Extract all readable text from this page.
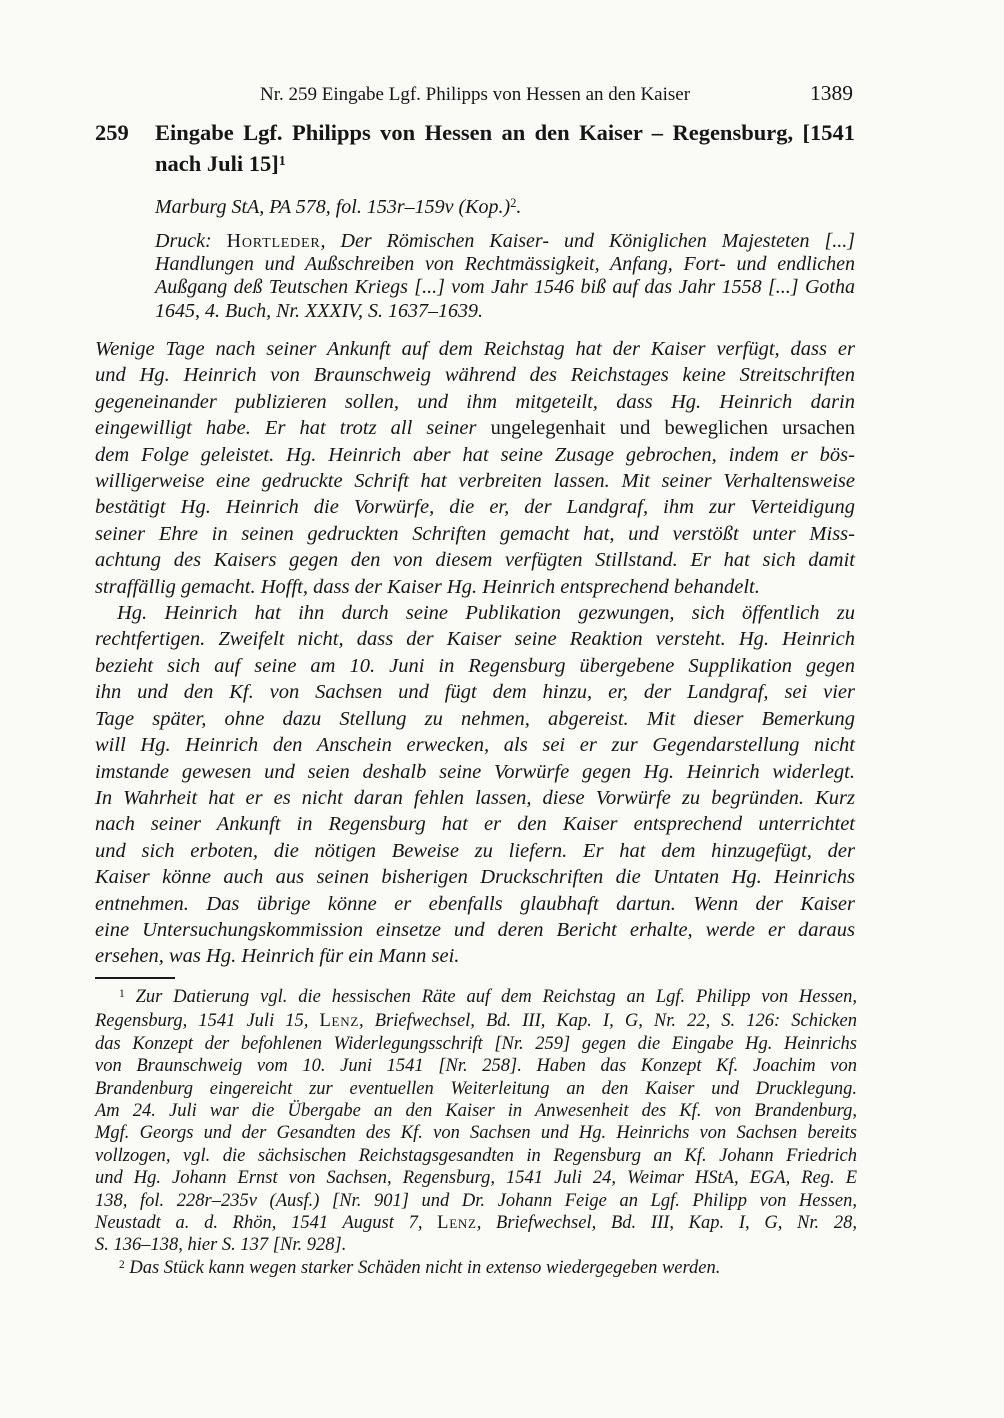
Nr. 259 Eingabe Lgf. Philipps von Hessen an den Kaiser	1389
259	Eingabe Lgf. Philipps von Hessen an den Kaiser – Regensburg, [1541
nach Juli 15]$^1$
Marburg StA, PA 578, fol. 153r–159v (Kop.)$^2$.
Druck: Hortleder, Der Römischen Kaiser- und Königlichen Majesteten [...]
Handlungen und Außschreiben von Rechtmässigkeit, Anfang, Fort- und endlichen
Außgang deß Teutschen Kriegs [...] vom Jahr 1546 biß auf das Jahr 1558 [...] Gotha
1645, 4. Buch, Nr. XXXIV, S. 1637–1639.
Wenige Tage nach seiner Ankunft auf dem Reichstag hat der Kaiser verfügt, dass er
und Hg. Heinrich von Braunschweig während des Reichstages keine Streitschriften
gegeneinander publizieren sollen, und ihm mitgeteilt, dass Hg. Heinrich darin
eingewilligt habe. Er hat trotz all seiner ungelegenhait und beweglichen ursachen
dem Folge geleistet. Hg. Heinrich aber hat seine Zusage gebrochen, indem er bös-
willigerweise eine gedruckte Schrift hat verbreiten lassen. Mit seiner Verhaltensweise
bestätigt Hg. Heinrich die Vorwürfe, die er, der Landgraf, ihm zur Verteidigung
seiner Ehre in seinen gedruckten Schriften gemacht hat, und verstößt unter Miss-
achtung des Kaisers gegen den von diesem verfügten Stillstand. Er hat sich damit
straffällig gemacht. Hofft, dass der Kaiser Hg. Heinrich entsprechend behandelt.
Hg. Heinrich hat ihn durch seine Publikation gezwungen, sich öffentlich zu
rechtfertigen. Zweifelt nicht, dass der Kaiser seine Reaktion versteht. Hg. Heinrich
bezieht sich auf seine am 10. Juni in Regensburg übergebene Supplikation gegen
ihn und den Kf. von Sachsen und fügt dem hinzu, er, der Landgraf, sei vier
Tage später, ohne dazu Stellung zu nehmen, abgereist. Mit dieser Bemerkung
will Hg. Heinrich den Anschein erwecken, als sei er zur Gegendarstellung nicht
imstande gewesen und seien deshalb seine Vorwürfe gegen Hg. Heinrich widerlegt.
In Wahrheit hat er es nicht daran fehlen lassen, diese Vorwürfe zu begründen. Kurz
nach seiner Ankunft in Regensburg hat er den Kaiser entsprechend unterrichtet
und sich erboten, die nötigen Beweise zu liefern. Er hat dem hinzugefügt, der
Kaiser könne auch aus seinen bisherigen Druckschriften die Untaten Hg. Heinrichs
entnehmen. Das übrige könne er ebenfalls glaubhaft dartun. Wenn der Kaiser
eine Untersuchungskommission einsetze und deren Bericht erhalte, werde er daraus
ersehen, was Hg. Heinrich für ein Mann sei.
$^1$ Zur Datierung vgl. die hessischen Räte auf dem Reichstag an Lgf. Philipp von Hessen,
Regensburg, 1541 Juli 15, Lenz, Briefwechsel, Bd. III, Kap. I, G, Nr. 22, S. 126: Schicken
das Konzept der befohlenen Widerlegungsschrift [Nr. 259] gegen die Eingabe Hg. Heinrichs
von Braunschweig vom 10. Juni 1541 [Nr. 258]. Haben das Konzept Kf. Joachim von
Brandenburg eingereicht zur eventuellen Weiterleitung an den Kaiser und Drucklegung.
Am 24. Juli war die Übergabe an den Kaiser in Anwesenheit des Kf. von Brandenburg,
Mgf. Georgs und der Gesandten des Kf. von Sachsen und Hg. Heinrichs von Sachsen bereits
vollzogen, vgl. die sächsischen Reichstagsgesandten in Regensburg an Kf. Johann Friedrich
und Hg. Johann Ernst von Sachsen, Regensburg, 1541 Juli 24, Weimar HStA, EGA, Reg. E
138, fol. 228r–235v (Ausf.) [Nr. 901] und Dr. Johann Feige an Lgf. Philipp von Hessen,
Neustadt a. d. Rhön, 1541 August 7, Lenz, Briefwechsel, Bd. III, Kap. I, G, Nr. 28,
S. 136–138, hier S. 137 [Nr. 928].
$^2$ Das Stück kann wegen starker Schäden nicht in extenso wiedergegeben werden.
